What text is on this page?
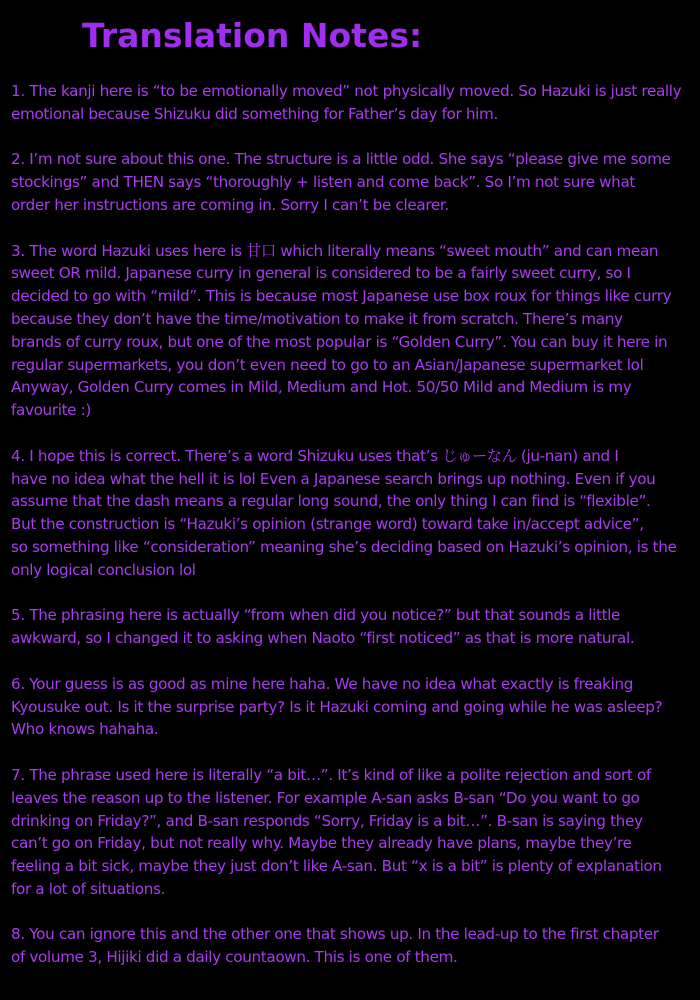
Translation Notes:

1. The kanji here is “to be emotionally moved” not physically moved. So Hazuki is just really
emotional because Shizuku did something for Father’s day for him.

2. I’m not sure about this one. The structure is a little odd. She says “please give me some
stockings” and THEN says “thoroughly + listen and come back”. So I’m not sure what
order her instructions are coming in. Sorry I can’t be clearer.

3. The word Hazuki uses here is 甘口 which literally means “sweet mouth” and can mean
sweet OR mild. Japanese curry in general is considered to be a fairly sweet curry, so I
decided to go with “mild”. This is because most Japanese use box roux for things like curry
because they don’t have the time/motivation to make it from scratch. There’s many
brands of curry roux, but one of the most popular is “Golden Curry”. You can buy it here in
regular supermarkets, you don’t even need to go to an Asian/Japanese supermarket lol
Anyway, Golden Curry comes in Mild, Medium and Hot. 50/50 Mild and Medium is my
favourite :)

4. I hope this is correct. There’s a word Shizuku uses that’s じゅーなん (ju-nan) and I
have no idea what the hell it is lol Even a Japanese search brings up nothing. Even if you
assume that the dash means a regular long sound, the only thing I can find is “flexible”.
But the construction is “Hazuki’s opinion (strange word) toward take in/accept advice”,
so something like “consideration” meaning she’s deciding based on Hazuki’s opinion, is the
only logical conclusion lol

5. The phrasing here is actually “from when did you notice?” but that sounds a little
awkward, so I changed it to asking when Naoto “first noticed” as that is more natural.

6. Your guess is as good as mine here haha. We have no idea what exactly is freaking
Kyousuke out. Is it the surprise party? Is it Hazuki coming and going while he was asleep?
Who knows hahaha.

7. The phrase used here is literally “a bit…”. It’s kind of like a polite rejection and sort of
leaves the reason up to the listener. For example A-san asks B-san “Do you want to go
drinking on Friday?”, and B-san responds “Sorry, Friday is a bit…”. B-san is saying they
can’t go on Friday, but not really why. Maybe they already have plans, maybe they’re
feeling a bit sick, maybe they just don’t like A-san. But “x is a bit” is plenty of explanation
for a lot of situations.

8. You can ignore this and the other one that shows up. In the lead-up to the first chapter
of volume 3, Hijiki did a daily countaown. This is one of them.
